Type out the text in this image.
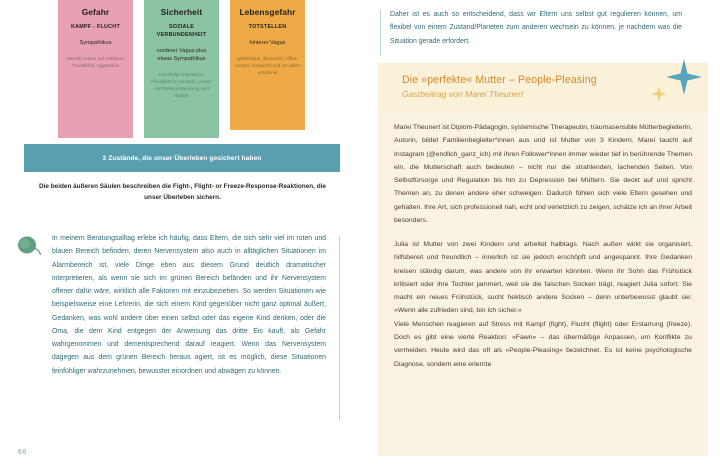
Gefahr
KAMPF - FLUCHT
Sympathikus
Aktivität, Fokus auf Gefahren; Tunnelblick, Aggression
Sicherheit
SOZIALE VERBUNDENHEIT
vorderer Vagus plus etwas Sympathikus
Feinfühlige Interaktion, Flexibilität im Handeln, Lernen und Weiterentwicklung sind möglich.
Lebensgefahr
TOTSTELLEN
hinterer Vagus
gefühlstaub, dissoziiert, hilflos, erstarrt, körperlich und vor allem emotional
3 Zustände, die unser Überleben gesichert haben
Die beiden äußeren Säulen beschreiben die Fight-, Flight- or Freeze-Response-Reaktionen, die unser Überleben sichern.

In meinem Beratungsalltag erlebe ich häufig, dass Eltern, die sich sehr viel im roten und blauen Bereich befinden, deren Nervensystem also auch in alltäglichen Situationen im Alarmbereich ist, viele Dinge eben aus diesem Grund deutlich dramatischer interpretieren, als wenn sie sich im grünen Bereich befänden und ihr Nervensystem offener dafür wäre, wirklich alle Faktoren mit einzubeziehen. So werden Situationen wie beispielsweise eine Lehrerin, die sich einem Kind gegenüber nicht ganz optimal äußert, Gedanken, was wohl andere über einen selbst oder das eigene Kind denken, oder die Oma, die dem Kind entgegen der Anweisung das dritte Eis kauft, als Gefahr wahrgenommen und dementsprechend darauf reagiert. Wenn das Nervensystem dagegen aus dem grünen Bereich heraus agiert, ist es möglich, diese Situationen feinfühliger wahrzunehmen, bewusster einordnen und abwägen zu können.

66
Daher ist es auch so entscheidend, dass wir Eltern uns selbst gut regulieren können, um flexibel von einem Zustand/Planeten zum anderen wechseln zu können, je nachdem was die Situation gerade erfordert.
Die »perfekte« Mutter – People-Pleasing
Gastbeitrag von Marei Theunert
Marei Theunert ist Diplom-Pädagogin, systemische Therapeutin, traumasensible Mütterbegleiterin, Autorin, bildet Familienbegleiter*innen aus und ist Mutter von 3 Kindern. Marei taucht auf Instagram (@endlich_ganz_ich) mit ihren Follower*innen immer wieder tief in berührende Themen ein, die Mutterschaft auch bedeuten – nicht nur die strahlenden, lachenden Seiten. Von Selbstfürsorge und Regulation bis hin zu Depression bei Müttern. Sie deckt auf und spricht Themen an, zu denen andere eher schweigen. Dadurch fühlen sich viele Eltern gesehen und gehalten. Ihre Art, sich professionell nah, echt und verletzlich zu zeigen, schätze ich an ihrer Arbeit besonders.
Julia ist Mutter von zwei Kindern und arbeitet halbtags. Nach außen wirkt sie organisiert, hilfsbereit und freundlich – innerlich ist sie jedoch erschöpft und angespannt. Ihre Gedanken kreisen ständig darum, was andere von ihr erwarten könnten. Wenn ihr Sohn das Frühstück kritisiert oder ihre Tochter jammert, weil sie die falschen Socken trägt, reagiert Julia sofort: Sie macht ein neues Frühstück, sucht hektisch andere Socken – denn unterbewusst glaubt sie: »Wenn alle zufrieden sind, bin ich sicher.«
Viele Menschen reagieren auf Stress mit Kampf (fight), Flucht (flight) oder Erstarrung (freeze). Doch es gibt eine vierte Reaktion: »Fawn« – das übermäßige Anpassen, um Konflikte zu vermeiden. Heute wird das oft als »People-Pleasing« bezeichnet. Es ist keine psychologische Diagnose, sondern eine erlernte
